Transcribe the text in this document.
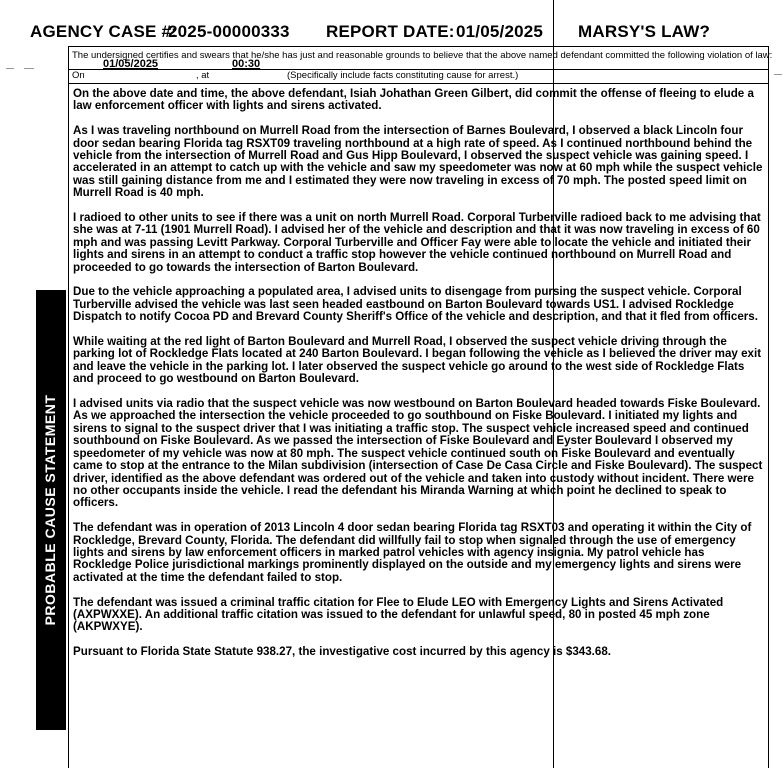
AGENCY CASE #:
2025-00000333 REPORT DATE: 01/05/2025 MARSY'S LAW?
The undersigned certifies and swears that he/she has just and reasonable grounds to believe that the above named defendant committed the following violation of law:
01/05/2025	00:30
On	, at	(Specifically include facts constituting cause for arrest.)
PROBABLE CAUSE STATEMENT

On the above date and time, the above defendant, Isiah Johathan Green Gilbert, did commit the offense of fleeing to elude a law enforcement officer with lights and sirens activated.

As I was traveling northbound on Murrell Road from the intersection of Barnes Boulevard, I observed a black Lincoln four door sedan bearing Florida tag RSXT09 traveling northbound at a high rate of speed. As I continued northbound behind the vehicle from the intersection of Murrell Road and Gus Hipp Boulevard, I observed the suspect vehicle was gaining speed. I accelerated in an attempt to catch up with the vehicle and saw my speedometer was now at 60 mph while the suspect vehicle was still gaining distance from me and I estimated they were now traveling in excess of 70 mph. The posted speed limit on Murrell Road is 40 mph.

I radioed to other units to see if there was a unit on north Murrell Road. Corporal Turberville radioed back to me advising that she was at 7-11 (1901 Murrell Road). I advised her of the vehicle and description and that it was now traveling in excess of 60 mph and was passing Levitt Parkway. Corporal Turberville and Officer Fay were able to locate the vehicle and initiated their lights and sirens in an attempt to conduct a traffic stop however the vehicle continued northbound on Murrell Road and proceeded to go towards the intersection of Barton Boulevard.

Due to the vehicle approaching a populated area, I advised units to disengage from pursing the suspect vehicle. Corporal Turberville advised the vehicle was last seen headed eastbound on Barton Boulevard towards US1. I advised Rockledge Dispatch to notify Cocoa PD and Brevard County Sheriff's Office of the vehicle and description, and that it fled from officers.

While waiting at the red light of Barton Boulevard and Murrell Road, I observed the suspect vehicle driving through the parking lot of Rockledge Flats located at 240 Barton Boulevard. I began following the vehicle as I believed the driver may exit and leave the vehicle in the parking lot. I later observed the suspect vehicle go around to the west side of Rockledge Flats and proceed to go westbound on Barton Boulevard.

I advised units via radio that the suspect vehicle was now westbound on Barton Boulevard headed towards Fiske Boulevard. As we approached the intersection the vehicle proceeded to go southbound on Fiske Boulevard. I initiated my lights and sirens to signal to the suspect driver that I was initiating a traffic stop. The suspect vehicle increased speed and continued southbound on Fiske Boulevard. As we passed the intersection of Fiske Boulevard and Eyster Boulevard I observed my speedometer of my vehicle was now at 80 mph. The suspect vehicle continued south on Fiske Boulevard and eventually came to stop at the entrance to the Milan subdivision (intersection of Case De Casa Circle and Fiske Boulevard). The suspect driver, identified as the above defendant was ordered out of the vehicle and taken into custody without incident. There were no other occupants inside the vehicle. I read the defendant his Miranda Warning at which point he declined to speak to officers.

The defendant was in operation of 2013 Lincoln 4 door sedan bearing Florida tag RSXT03 and operating it within the City of Rockledge, Brevard County, Florida. The defendant did willfully fail to stop when signaled through the use of emergency lights and sirens by law enforcement officers in marked patrol vehicles with agency insignia. My patrol vehicle has Rockledge Police jurisdictional markings prominently displayed on the outside and my emergency lights and sirens were activated at the time the defendant failed to stop.

The defendant was issued a criminal traffic citation for Flee to Elude LEO with Emergency Lights and Sirens Activated (AXPWXXE). An additional traffic citation was issued to the defendant for unlawful speed, 80 in posted 45 mph zone (AKPWXYE).

Pursuant to Florida State Statute 938.27, the investigative cost incurred by this agency is $343.68.
